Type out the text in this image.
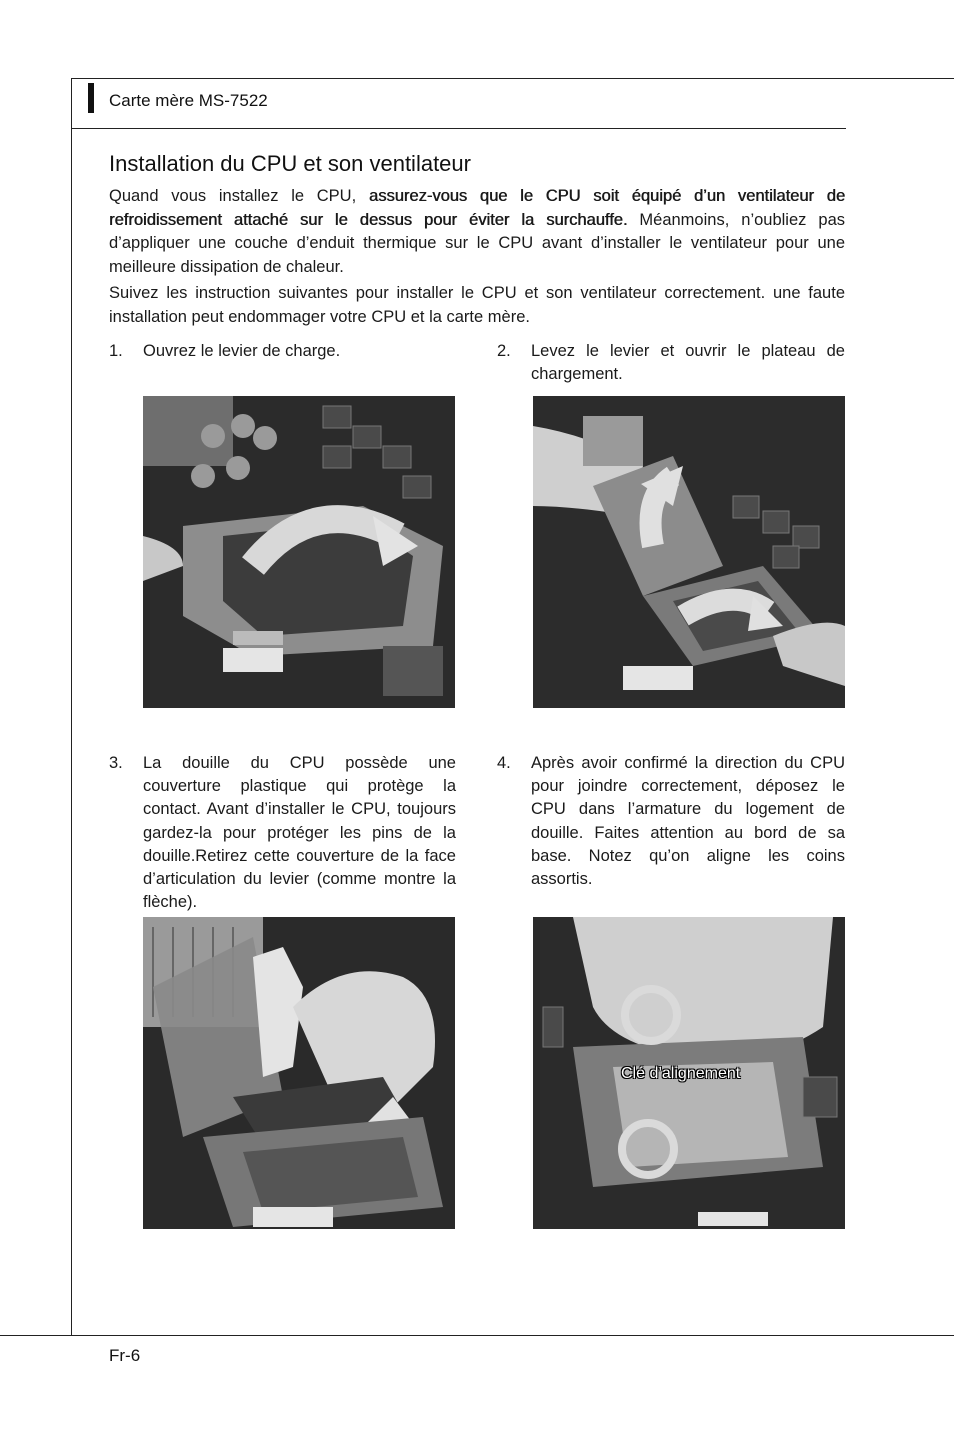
Carte mère MS-7522
Installation du CPU et son ventilateur
Quand vous installez le CPU, assurez-vous que le CPU soit équipé d’un ventilateur de refroidissement attaché sur le dessus pour éviter la surchauffe. Méanmoins, n’oubliez pas d’appliquer une couche d’enduit thermique sur le CPU avant d’installer le ventilateur pour une meilleure dissipation de chaleur.
Suivez les instruction suivantes pour installer le CPU et son ventilateur correctement. une faute installation peut endommager votre CPU et la carte mère.
1. Ouvrez le levier de charge.	2. Levez le levier et ouvrir le plateau de chargement.
3. La douille du CPU possède une couverture plastique qui protège la contact. Avant d’installer le CPU, toujours gardez-la pour protéger les pins de la douille.Retirez cette couverture de la face d’articulation du levier (comme montre la flèche).
4. Après avoir confirmé la direction du CPU pour joindre correctement, déposez le CPU dans l’armature du logement de douille. Faites attention au bord de sa base. Notez qu’on aligne les coins assortis.
Clé d’alignement
Fr-6
